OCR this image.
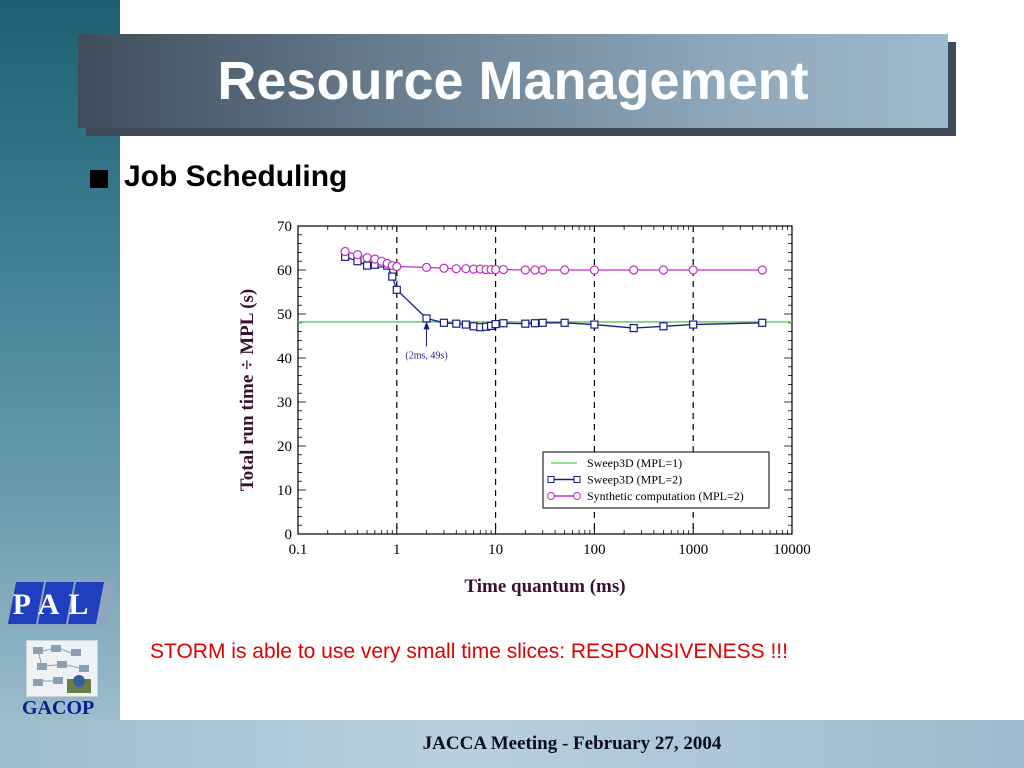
Resource Management
Job Scheduling
0.1	1	10	100	1000	10000
0
10
20
30
40
50
60
70
(2ms, 49s)
Sweep3D (MPL=1)
Sweep3D (MPL=2)
Synthetic computation (MPL=2)
Time quantum (ms)
Total run time ÷ MPL (s)
STORM is able to use very small time slices: RESPONSIVENESS !!!
PAL
GACOP
JACCA Meeting - February 27, 2004
